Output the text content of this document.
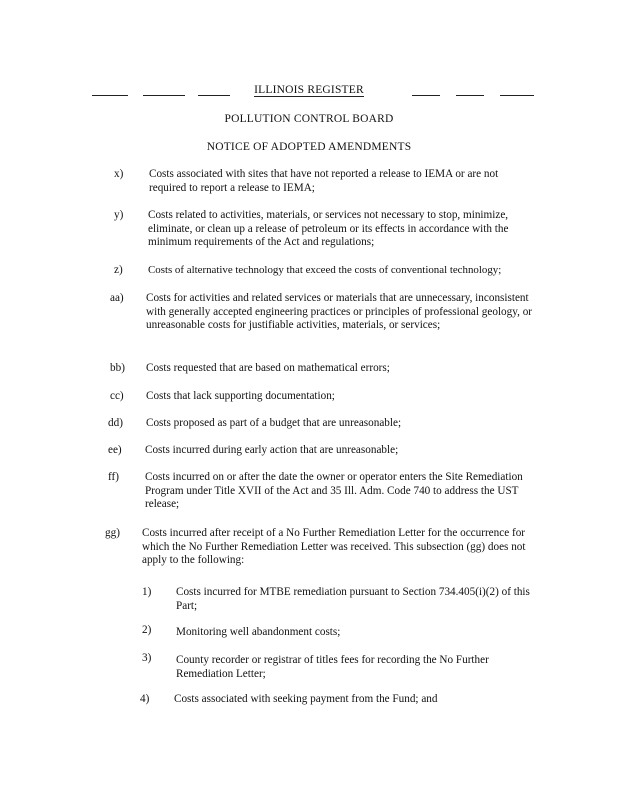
ILLINOIS REGISTER
POLLUTION CONTROL BOARD
NOTICE OF ADOPTED AMENDMENTS
x) Costs associated with sites that have not reported a release to IEMA or are not required to report a release to IEMA;
y) Costs related to activities, materials, or services not necessary to stop, minimize, eliminate, or clean up a release of petroleum or its effects in accordance with the minimum requirements of the Act and regulations;
z) Costs of alternative technology that exceed the costs of conventional technology;
aa) Costs for activities and related services or materials that are unnecessary, inconsistent with generally accepted engineering practices or principles of professional geology, or unreasonable costs for justifiable activities, materials, or services;
bb) Costs requested that are based on mathematical errors;
cc) Costs that lack supporting documentation;
dd) Costs proposed as part of a budget that are unreasonable;
ee) Costs incurred during early action that are unreasonable;
ff) Costs incurred on or after the date the owner or operator enters the Site Remediation Program under Title XVII of the Act and 35 Ill. Adm. Code 740 to address the UST release;
gg) Costs incurred after receipt of a No Further Remediation Letter for the occurrence for which the No Further Remediation Letter was received. This subsection (gg) does not apply to the following:
1) Costs incurred for MTBE remediation pursuant to Section 734.405(i)(2) of this Part;
2) Monitoring well abandonment costs;
3) County recorder or registrar of titles fees for recording the No Further Remediation Letter;
4) Costs associated with seeking payment from the Fund; and
